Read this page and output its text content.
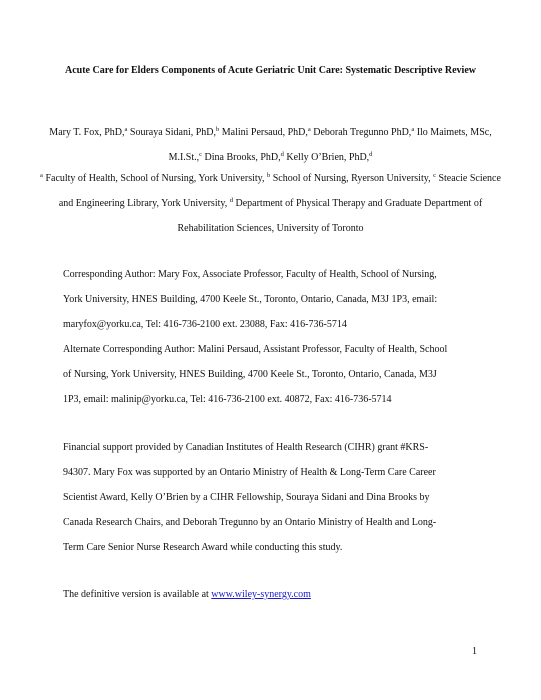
Acute Care for Elders Components of Acute Geriatric Unit Care: Systematic Descriptive Review
Mary T. Fox, PhD,$^a$ Souraya Sidani, PhD,$^b$ Malini Persaud, PhD,$^a$ Deborah Tregunno PhD,$^a$ Ilo Maimets, MSc, M.I.St.,$^c$ Dina Brooks, PhD,$^d$ Kelly O’Brien, PhD,$^d$
$^a$ Faculty of Health, School of Nursing, York University, $^b$ School of Nursing, Ryerson University, $^c$ Steacie Science and Engineering Library, York University, $^d$ Department of Physical Therapy and Graduate Department of Rehabilitation Sciences, University of Toronto
Corresponding Author: Mary Fox, Associate Professor, Faculty of Health, School of Nursing,
York University, HNES Building, 4700 Keele St., Toronto, Ontario, Canada, M3J 1P3, email:
maryfox@yorku.ca, Tel: 416-736-2100 ext. 23088, Fax: 416-736-5714
Alternate Corresponding Author: Malini Persaud, Assistant Professor, Faculty of Health, School
of Nursing, York University, HNES Building, 4700 Keele St., Toronto, Ontario, Canada, M3J
1P3, email: malinip@yorku.ca, Tel: 416-736-2100 ext. 40872, Fax: 416-736-5714
Financial support provided by Canadian Institutes of Health Research (CIHR) grant #KRS-
94307. Mary Fox was supported by an Ontario Ministry of Health & Long-Term Care Career
Scientist Award, Kelly O’Brien by a CIHR Fellowship, Souraya Sidani and Dina Brooks by
Canada Research Chairs, and Deborah Tregunno by an Ontario Ministry of Health and Long-
Term Care Senior Nurse Research Award while conducting this study.
The definitive version is available at www.wiley-synergy.com
1
